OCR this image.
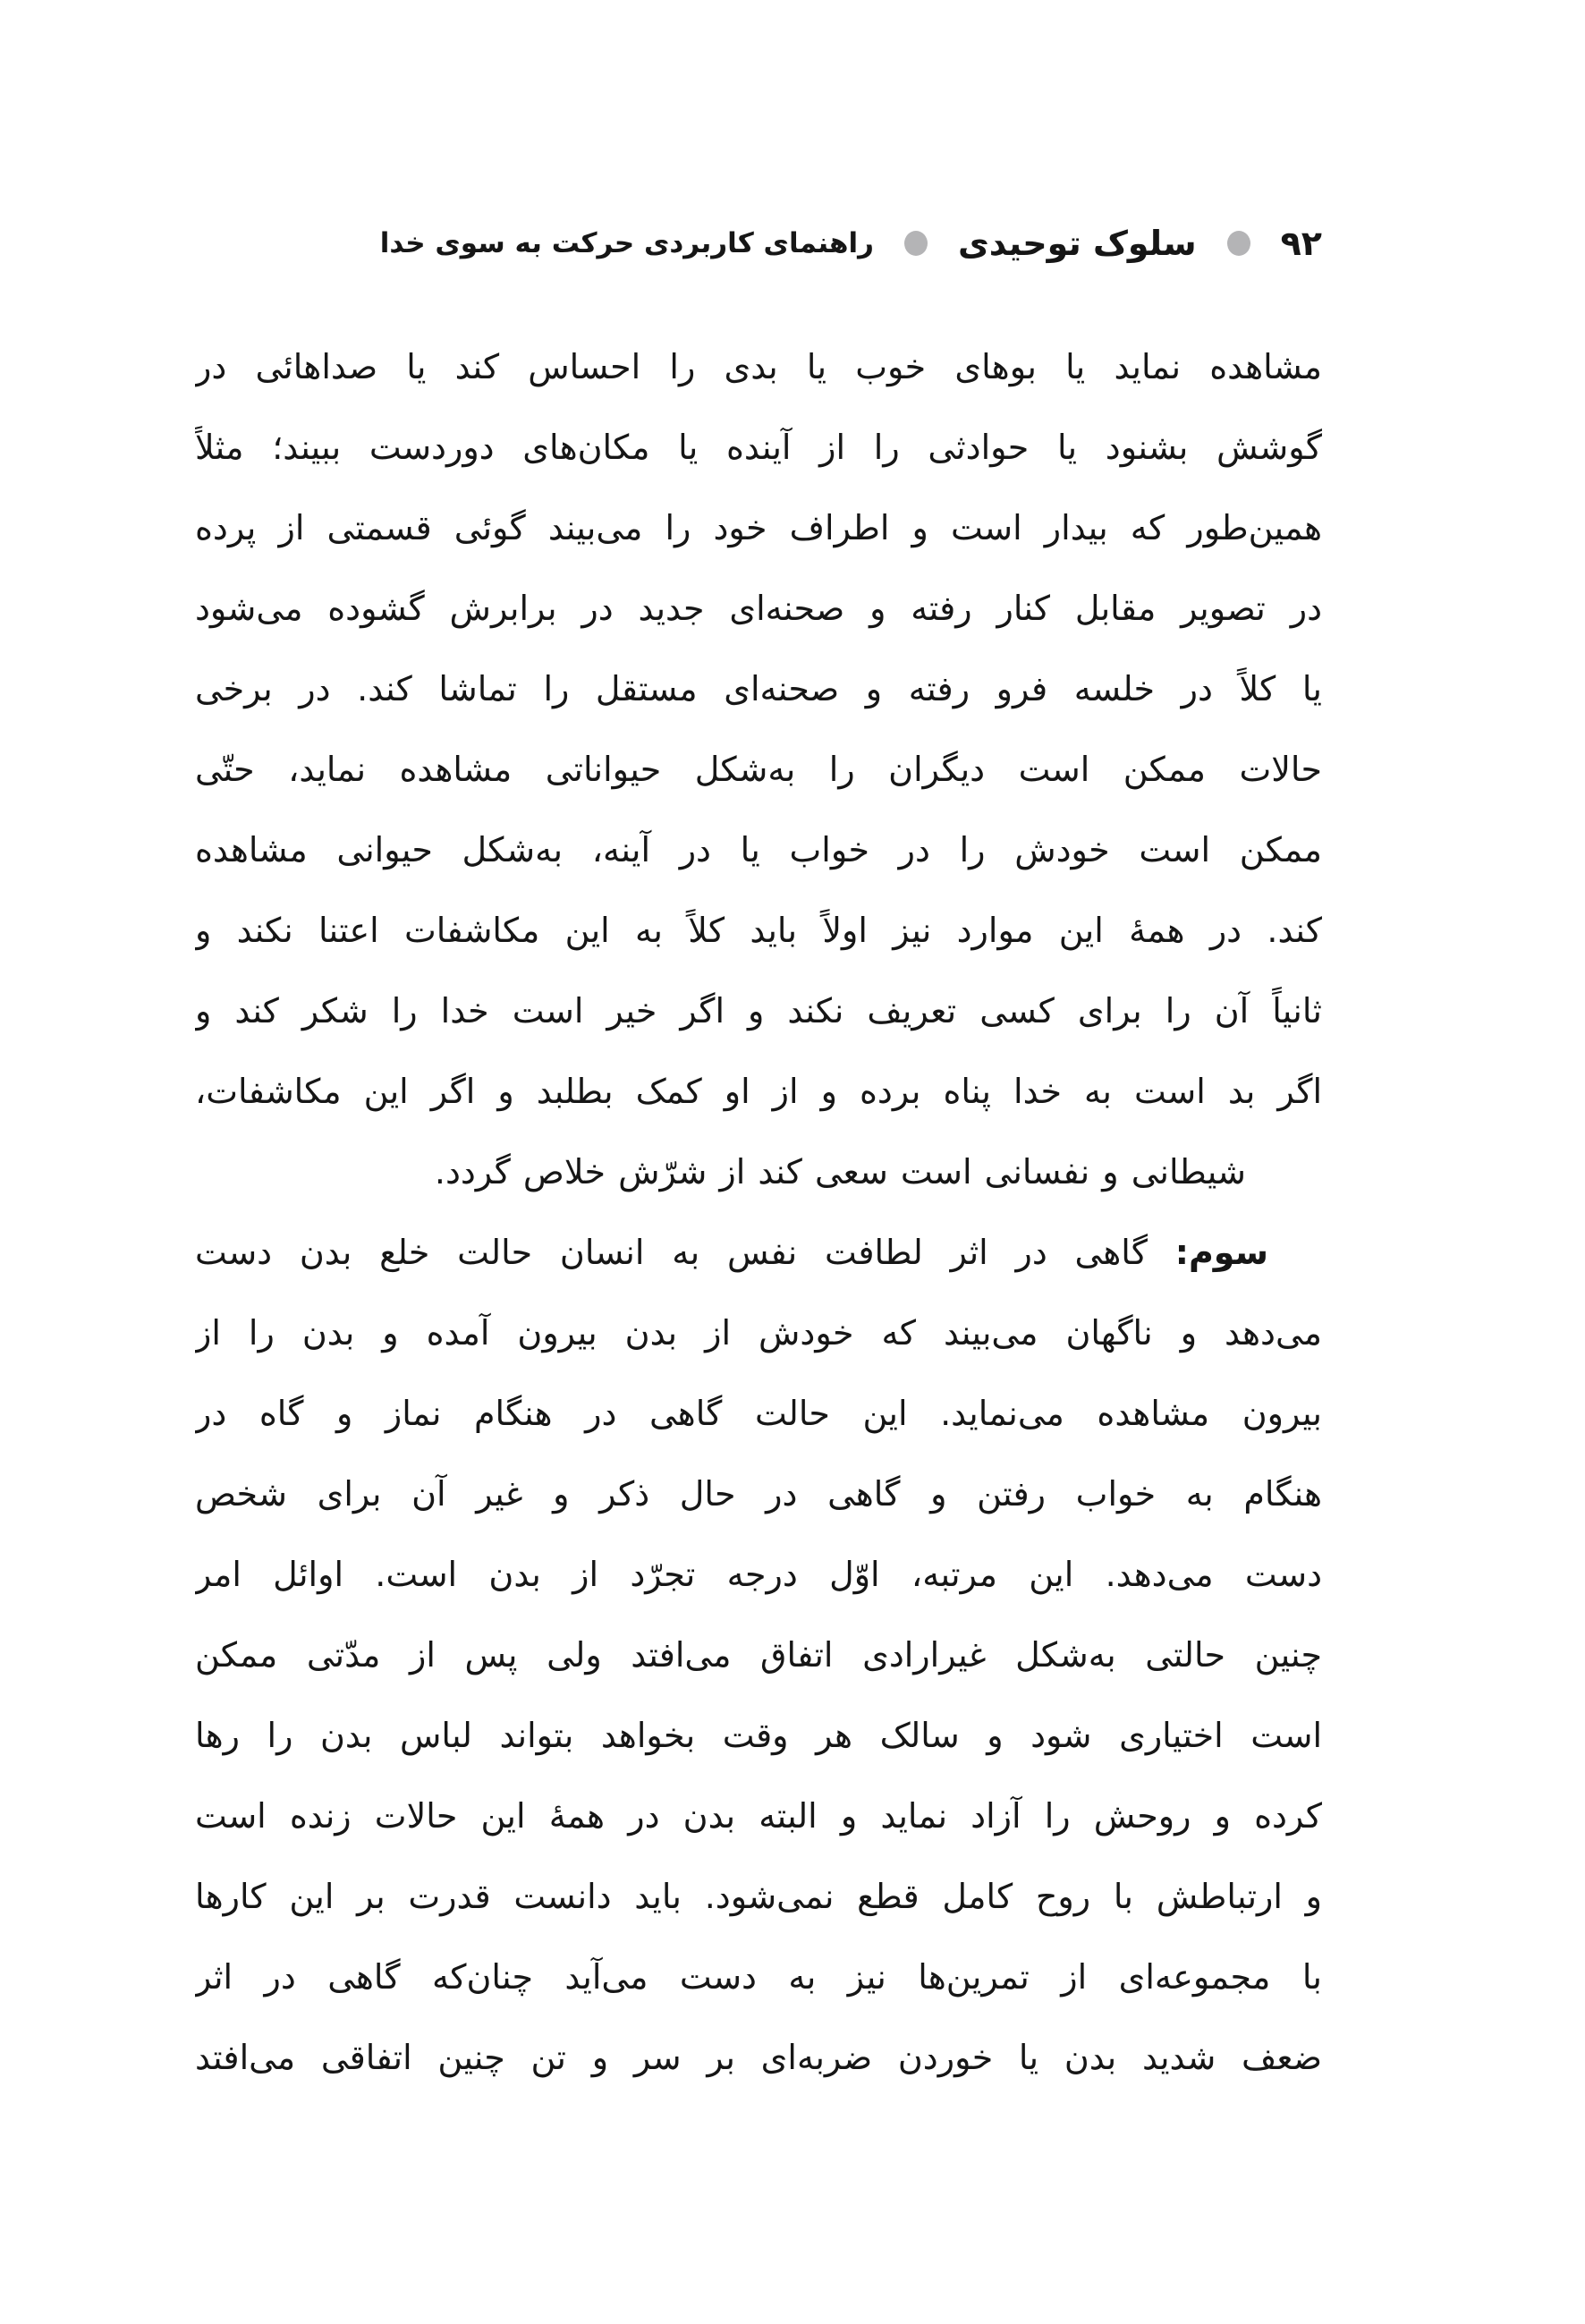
۹۲
سلوک توحیدی
راهنمای کاربردی حرکت به سوی خدا
مشاهده نماید یا بوهای خوب یا بدی را احساس کند یا صداهائی در
گوشش بشنود یا حوادثی را از آینده یا مکان‌های دوردست ببیند؛ مثلاً
همین‌طور که بیدار است و اطراف خود را می‌بیند گوئی قسمتی از پرده
در تصویر مقابل کنار رفته و صحنه‌ای جدید در برابرش گشوده می‌شود
یا کلاً در خلسه فرو رفته و صحنه‌ای مستقل را تماشا کند. در برخی
حالات ممکن است دیگران را به‌شکل حیواناتی مشاهده نماید، حتّی
ممکن است خودش را در خواب یا در آینه، به‌شکل حیوانی مشاهده
کند. در همهٔ این موارد نیز اولاً باید کلاً به این مکاشفات اعتنا نکند و
ثانیاً آن را برای کسی تعریف نکند و اگر خیر است خدا را شکر کند و
اگر بد است به خدا پناه برده و از او کمک بطلبد و اگر این مکاشفات،
شیطانی و نفسانی است سعی کند از شرّش خلاص گردد.
سوم: گاهی در اثر لطافت نفس به انسان حالت خلع بدن دست
می‌دهد و ناگهان می‌بیند که خودش از بدن بیرون آمده و بدن را از
بیرون مشاهده می‌نماید. این حالت گاهی در هنگام نماز و گاه در
هنگام به خواب رفتن و گاهی در حال ذکر و غیر آن برای شخص
دست می‌دهد. این مرتبه، اوّل درجه تجرّد از بدن است. اوائل امر
چنین حالتی به‌شکل غیرارادی اتفاق می‌افتد ولی پس از مدّتی ممکن
است اختیاری شود و سالک هر وقت بخواهد بتواند لباس بدن را رها
کرده و روحش را آزاد نماید و البته بدن در همهٔ این حالات زنده است
و ارتباطش با روح کامل قطع نمی‌شود. باید دانست قدرت بر این کارها
با مجموعه‌ای از تمرین‌ها نیز به دست می‌آید چنان‌که گاهی در اثر
ضعف شدید بدن یا خوردن ضربه‌ای بر سر و تن چنین اتفاقی می‌افتد
